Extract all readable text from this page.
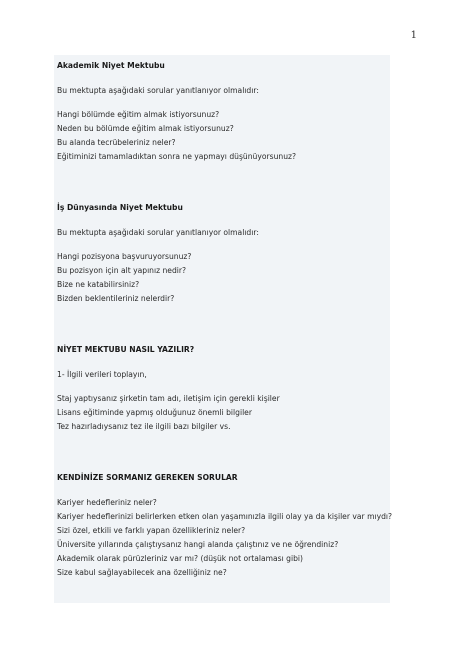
1
Akademik Niyet Mektubu
Bu mektupta aşağıdaki sorular yanıtlanıyor olmalıdır:
Hangi bölümde eğitim almak istiyorsunuz?
Neden bu bölümde eğitim almak istiyorsunuz?
Bu alanda tecrübeleriniz neler?
Eğitiminizi tamamladıktan sonra ne yapmayı düşünüyorsunuz?
İş Dünyasında Niyet Mektubu
Bu mektupta aşağıdaki sorular yanıtlanıyor olmalıdır:
Hangi pozisyona başvuruyorsunuz?
Bu pozisyon için alt yapınız nedir?
Bize ne katabilirsiniz?
Bizden beklentileriniz nelerdir?
NİYET MEKTUBU NASIL YAZILIR?
1- İlgili verileri toplayın,
Staj yaptıysanız şirketin tam adı, iletişim için gerekli kişiler
Lisans eğitiminde yapmış olduğunuz önemli bilgiler
Tez hazırladıysanız tez ile ilgili bazı bilgiler vs.
KENDİNİZE SORMANIZ GEREKEN SORULAR
Kariyer hedefleriniz neler?
Kariyer hedeflerinizi belirlerken etken olan yaşamınızla ilgili olay ya da kişiler var mıydı?
Sizi özel, etkili ve farklı yapan özellikleriniz neler?
Üniversite yıllarında çalıştıysanız hangi alanda çalıştınız ve ne öğrendiniz?
Akademik olarak pürüzleriniz var mı? (düşük not ortalaması gibi)
Size kabul sağlayabilecek ana özelliğiniz ne?
